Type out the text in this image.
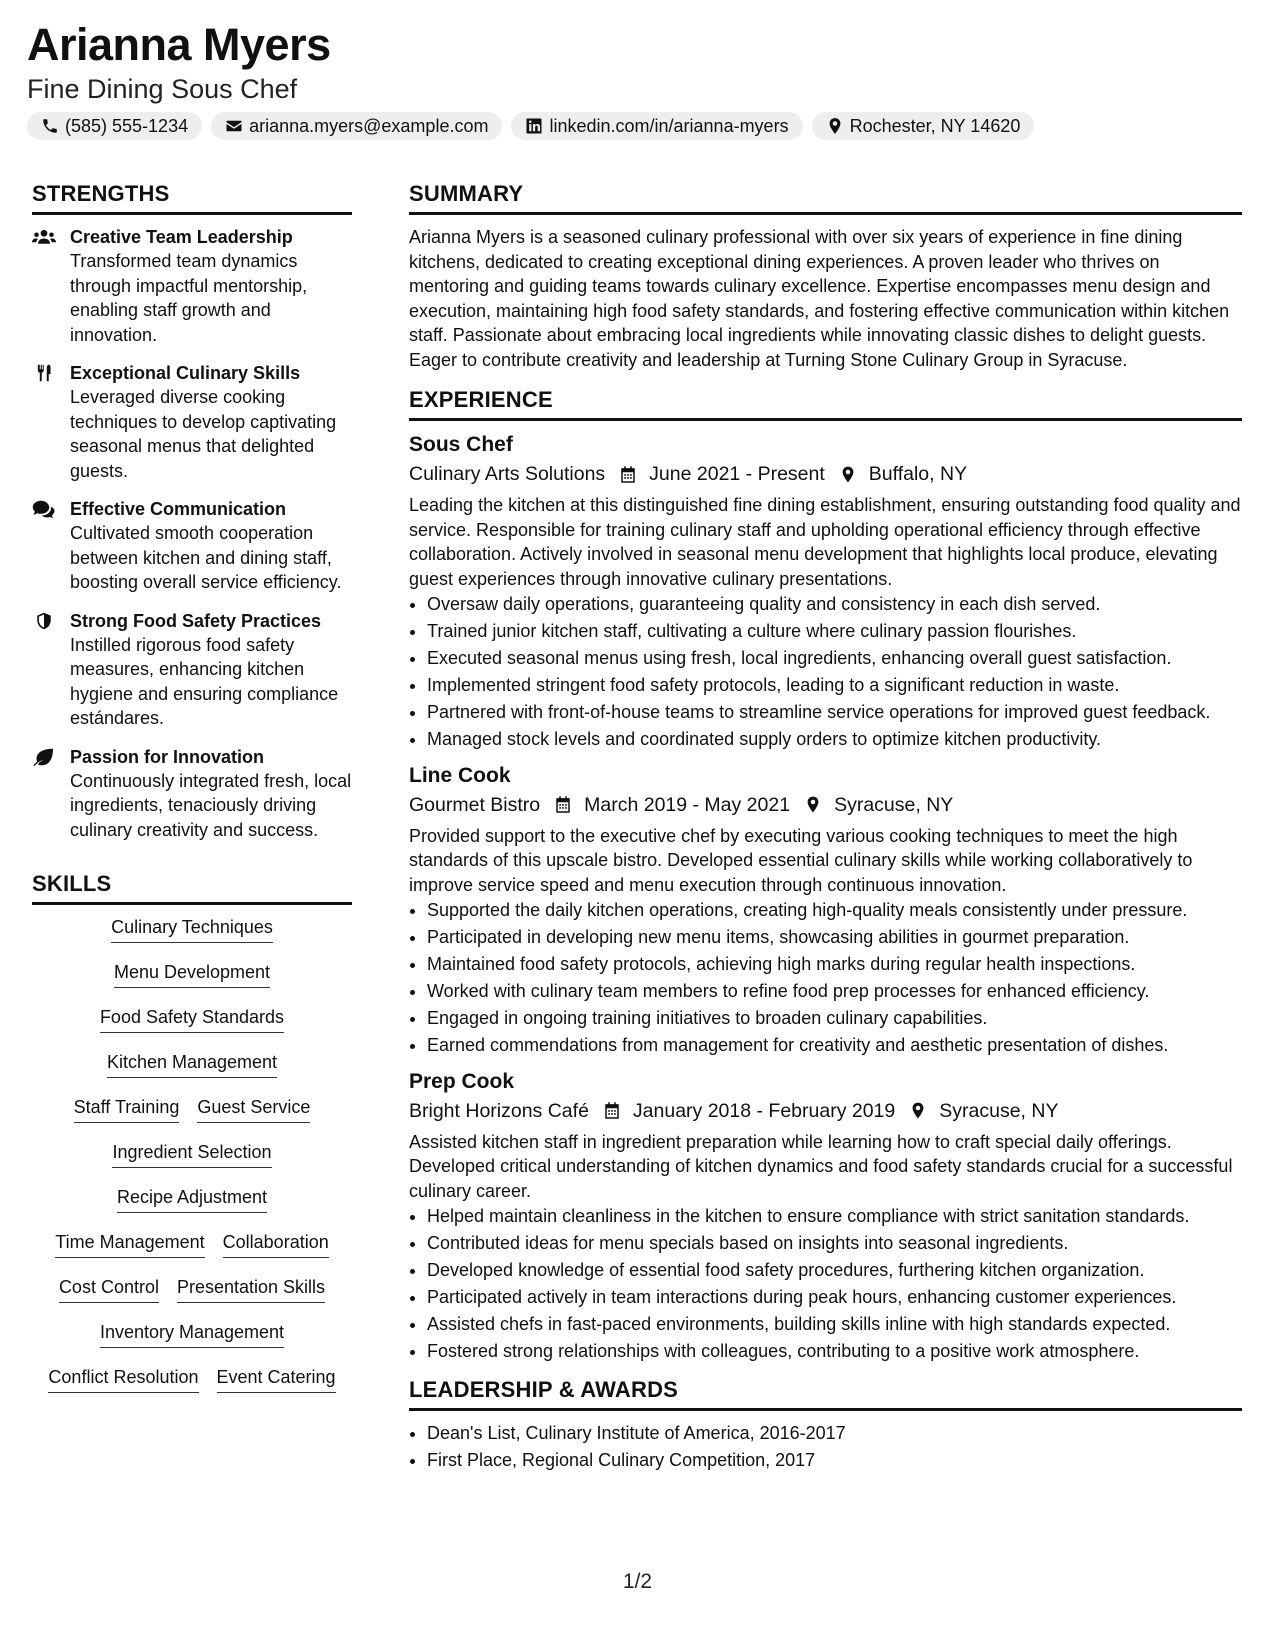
Arianna Myers
Fine Dining Sous Chef
(585) 555-1234	arianna.myers@example.com	linkedin.com/in/arianna-myers	Rochester, NY 14620
STRENGTHS
Creative Team Leadership
Transformed team dynamics through impactful mentorship, enabling staff growth and innovation.
Exceptional Culinary Skills
Leveraged diverse cooking techniques to develop captivating seasonal menus that delighted guests.
Effective Communication
Cultivated smooth cooperation between kitchen and dining staff, boosting overall service efficiency.
Strong Food Safety Practices
Instilled rigorous food safety measures, enhancing kitchen hygiene and ensuring compliance estándares.
Passion for Innovation
Continuously integrated fresh, local ingredients, tenaciously driving culinary creativity and success.
SKILLS
Culinary Techniques
Menu Development
Food Safety Standards
Kitchen Management
Staff Training Guest Service
Ingredient Selection
Recipe Adjustment
Time Management Collaboration
Cost Control Presentation Skills
Inventory Management
Conflict Resolution Event Catering
SUMMARY

Arianna Myers is a seasoned culinary professional with over six years of experience in fine dining kitchens, dedicated to creating exceptional dining experiences. A proven leader who thrives on mentoring and guiding teams towards culinary excellence. Expertise encompasses menu design and execution, maintaining high food safety standards, and fostering effective communication within kitchen staff. Passionate about embracing local ingredients while innovating classic dishes to delight guests. Eager to contribute creativity and leadership at Turning Stone Culinary Group in Syracuse.

EXPERIENCE
Sous Chef
Culinary Arts Solutions June 2021 - Present Buffalo, NY
Leading the kitchen at this distinguished fine dining establishment, ensuring outstanding food quality and service. Responsible for training culinary staff and upholding operational efficiency through effective collaboration. Actively involved in seasonal menu development that highlights local produce, elevating guest experiences through innovative culinary presentations.
• Oversaw daily operations, guaranteeing quality and consistency in each dish served.
• Trained junior kitchen staff, cultivating a culture where culinary passion flourishes.
• Executed seasonal menus using fresh, local ingredients, enhancing overall guest satisfaction.
• Implemented stringent food safety protocols, leading to a significant reduction in waste.
• Partnered with front-of-house teams to streamline service operations for improved guest feedback.
• Managed stock levels and coordinated supply orders to optimize kitchen productivity.
Line Cook
Gourmet Bistro March 2019 - May 2021 Syracuse, NY
Provided support to the executive chef by executing various cooking techniques to meet the high standards of this upscale bistro. Developed essential culinary skills while working collaboratively to improve service speed and menu execution through continuous innovation.
• Supported the daily kitchen operations, creating high-quality meals consistently under pressure.
• Participated in developing new menu items, showcasing abilities in gourmet preparation.
• Maintained food safety protocols, achieving high marks during regular health inspections.
• Worked with culinary team members to refine food prep processes for enhanced efficiency.
• Engaged in ongoing training initiatives to broaden culinary capabilities.
• Earned commendations from management for creativity and aesthetic presentation of dishes.
Prep Cook
Bright Horizons Café January 2018 - February 2019 Syracuse, NY
Assisted kitchen staff in ingredient preparation while learning how to craft special daily offerings. Developed critical understanding of kitchen dynamics and food safety standards crucial for a successful culinary career.
• Helped maintain cleanliness in the kitchen to ensure compliance with strict sanitation standards.
• Contributed ideas for menu specials based on insights into seasonal ingredients.
• Developed knowledge of essential food safety procedures, furthering kitchen organization.
• Participated actively in team interactions during peak hours, enhancing customer experiences.
• Assisted chefs in fast-paced environments, building skills inline with high standards expected.
• Fostered strong relationships with colleagues, contributing to a positive work atmosphere.
LEADERSHIP & AWARDS
• Dean's List, Culinary Institute of America, 2016-2017
• First Place, Regional Culinary Competition, 2017
1/2
